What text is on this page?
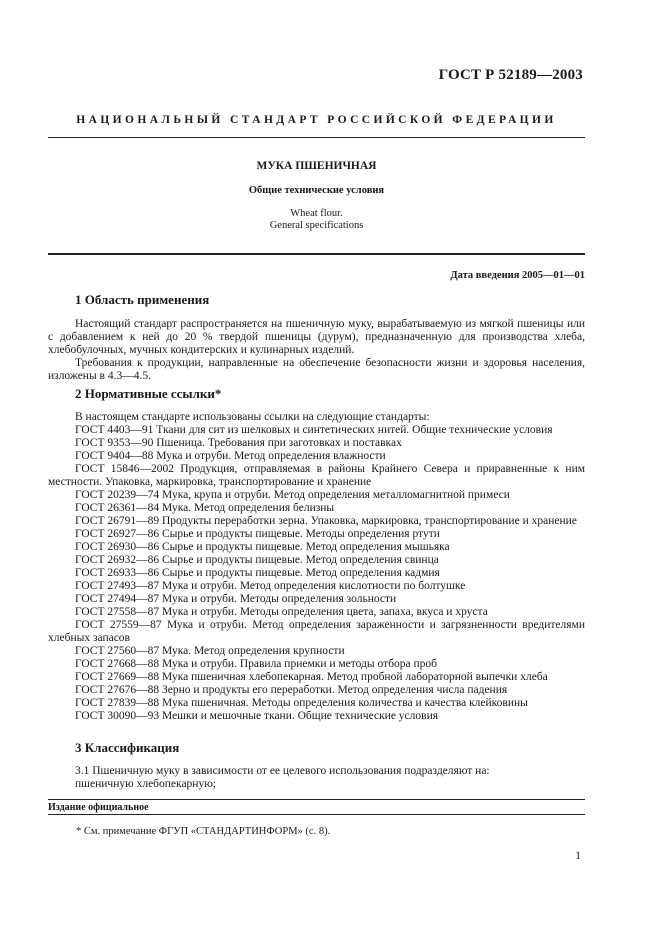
ГОСТ Р 52189—2003
НАЦИОНАЛЬНЫЙ СТАНДАРТ РОССИЙСКОЙ ФЕДЕРАЦИИ
МУКА ПШЕНИЧНАЯ
Общие технические условия
Wheat flour.
General specifications
Дата введения 2005—01—01
1 Область применения
Настоящий стандарт распространяется на пшеничную муку, вырабатываемую из мягкой пшеницы или с добавлением к ней до 20 % твердой пшеницы (дурум), предназначенную для производства хлеба, хлебобулочных, мучных кондитерских и кулинарных изделий.
Требования к продукции, направленные на обеспечение безопасности жизни и здоровья населения, изложены в 4.3—4.5.
2 Нормативные ссылки*

В настоящем стандарте использованы ссылки на следующие стандарты:

ГОСТ 4403—91 Ткани для сит из шелковых и синтетических нитей. Общие технические условия

ГОСТ 9353—90 Пшеница. Требования при заготовках и поставках

ГОСТ 9404—88 Мука и отруби. Метод определения влажности

ГОСТ 15846—2002 Продукция, отправляемая в районы Крайнего Севера и приравненные к ним местности. Упаковка, маркировка, транспортирование и хранение

ГОСТ 20239—74 Мука, крупа и отруби. Метод определения металломагнитной примеси

ГОСТ 26361—84 Мука. Метод определения белизны

ГОСТ 26791—89 Продукты переработки зерна. Упаковка, маркировка, транспортирование и хранение

ГОСТ 26927—86 Сырье и продукты пищевые. Методы определения ртути

ГОСТ 26930—86 Сырье и продукты пищевые. Метод определения мышьяка

ГОСТ 26932—86 Сырье и продукты пищевые. Метод определения свинца

ГОСТ 26933—86 Сырье и продукты пищевые. Метод определения кадмия

ГОСТ 27493—87 Мука и отруби. Метод определения кислотности по болтушке

ГОСТ 27494—87 Мука и отруби. Методы определения зольности

ГОСТ 27558—87 Мука и отруби. Методы определения цвета, запаха, вкуса и хруста

ГОСТ 27559—87 Мука и отруби. Метод определения зараженности и загрязненности вредителями хлебных запасов

ГОСТ 27560—87 Мука. Метод определения крупности

ГОСТ 27668—88 Мука и отруби. Правила приемки и методы отбора проб

ГОСТ 27669—88 Мука пшеничная хлебопекарная. Метод пробной лабораторной выпечки хлеба

ГОСТ 27676—88 Зерно и продукты его переработки. Метод определения числа падения

ГОСТ 27839—88 Мука пшеничная. Методы определения количества и качества клейковины

ГОСТ 30090—93 Мешки и мешочные ткани. Общие технические условия

3 Классификация
3.1 Пшеничную муку в зависимости от ее целевого использования подразделяют на:
пшеничную хлебопекарную;
Издание официальное
* См. примечание ФГУП «СТАНДАРТИНФОРМ» (с. 8).
1
